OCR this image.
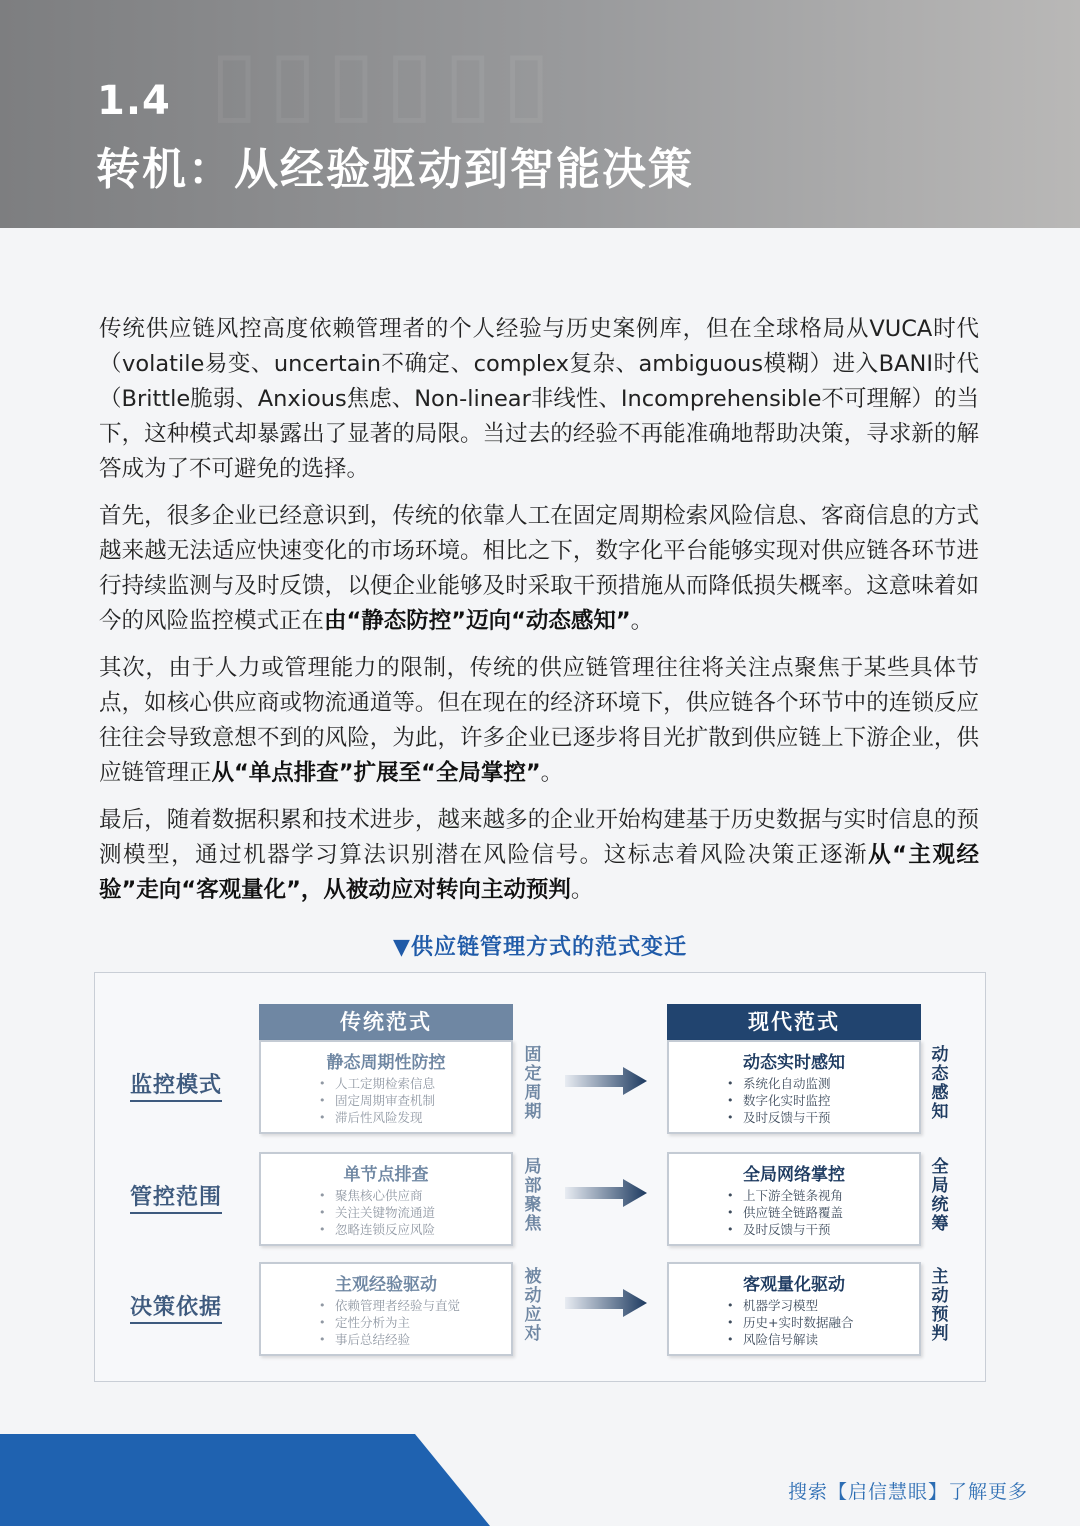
▯▯▯▯▯▯
1.4
转机：从经验驱动到智能决策

传统供应链风控高度依赖管理者的个人经验与历史案例库，但在全球格局从VUCA时代（volatile易变、uncertain不确定、complex复杂、ambiguous模糊）进入BANI时代（Brittle脆弱、Anxious焦虑、Non-linear非线性、Incomprehensible不可理解）的当下，这种模式却暴露出了显著的局限。当过去的经验不再能准确地帮助决策，寻求新的解答成为了不可避免的选择。

首先，很多企业已经意识到，传统的依靠人工在固定周期检索风险信息、客商信息的方式越来越无法适应快速变化的市场环境。相比之下，数字化平台能够实现对供应链各环节进行持续监测与及时反馈，以便企业能够及时采取干预措施从而降低损失概率。这意味着如今的风险监控模式正在由“静态防控”迈向“动态感知”。

其次，由于人力或管理能力的限制，传统的供应链管理往往将关注点聚焦于某些具体节点，如核心供应商或物流通道等。但在现在的经济环境下，供应链各个环节中的连锁反应往往会导致意想不到的风险，为此，许多企业已逐步将目光扩散到供应链上下游企业，供应链管理正从“单点排查”扩展至“全局掌控”。

最后，随着数据积累和技术进步，越来越多的企业开始构建基于历史数据与实时信息的预测模型，通过机器学习算法识别潜在风险信号。这标志着风险决策正逐渐从“主观经验”走向“客观量化”，从被动应对转向主动预判。

▼供应链管理方式的范式变迁
传统范式	现代范式
监控模式
静态周期性防控
• 人工定期检索信息
• 固定周期审查机制
• 滞后性风险发现
固定周期
动态实时感知
• 系统化自动监测
• 数字化实时监控
• 及时反馈与干预
动态感知
管控范围
单节点排查
• 聚焦核心供应商
• 关注关键物流通道
• 忽略连锁反应风险
局部聚焦
全局网络掌控
• 上下游全链条视角
• 供应链全链路覆盖
• 及时反馈与干预
全局统筹
决策依据
主观经验驱动
• 依赖管理者经验与直觉
• 定性分析为主
• 事后总结经验
被动应对
客观量化驱动
• 机器学习模型
• 历史+实时数据融合
• 风险信号解读
主动预判
搜索【启信慧眼】了解更多
